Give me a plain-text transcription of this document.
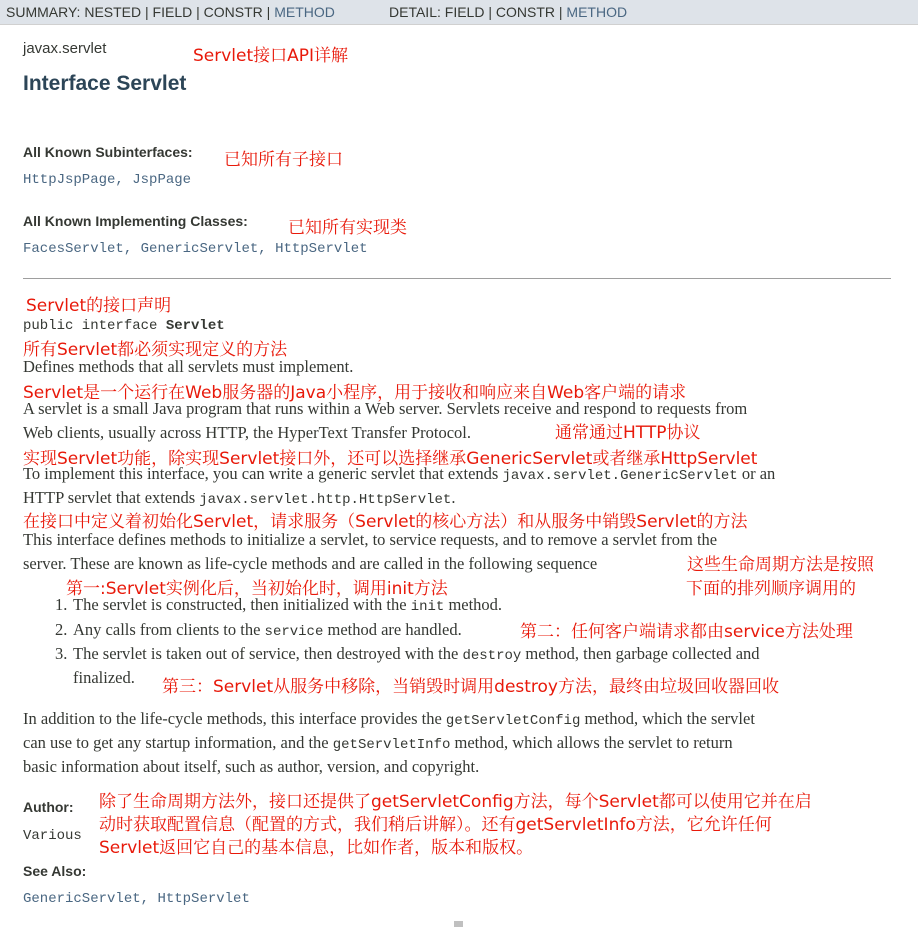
SUMMARY: NESTED | FIELD | CONSTR | METHOD	DETAIL: FIELD | CONSTR | METHOD
javax.servlet
Interface Servlet
All Known Subinterfaces:
HttpJspPage, JspPage
All Known Implementing Classes:
FacesServlet, GenericServlet, HttpServlet
public interface Servlet
Defines methods that all servlets must implement.
A servlet is a small Java program that runs within a Web server. Servlets receive and respond to requests from
Web clients, usually across HTTP, the HyperText Transfer Protocol.
To implement this interface, you can write a generic servlet that extends javax.servlet.GenericServlet or an
HTTP servlet that extends javax.servlet.http.HttpServlet.
This interface defines methods to initialize a servlet, to service requests, and to remove a servlet from the
server. These are known as life-cycle methods and are called in the following sequence
1. The servlet is constructed, then initialized with the init method.
2. Any calls from clients to the service method are handled.
3. The servlet is taken out of service, then destroyed with the destroy method, then garbage collected and
finalized.
In addition to the life-cycle methods, this interface provides the getServletConfig method, which the servlet
can use to get any startup information, and the getServletInfo method, which allows the servlet to return
basic information about itself, such as author, version, and copyright.
Author:
Various
See Also:
GenericServlet, HttpServlet
Servlet接口API详解
已知所有子接口
已知所有实现类
Servlet的接口声明
所有Servlet都必须实现定义的方法
Servlet是一个运行在Web服务器的Java小程序，用于接收和响应来自Web客户端的请求
通常通过HTTP协议
实现Servlet功能，除实现Servlet接口外，还可以选择继承GenericServlet或者继承HttpServlet
在接口中定义着初始化Servlet，请求服务（Servlet的核心方法）和从服务中销毁Servlet的方法
这些生命周期方法是按照
第一:Servlet实例化后，当初始化时，调用init方法	下面的排列顺序调用的
第二：任何客户端请求都由service方法处理
第三：Servlet从服务中移除，当销毁时调用destroy方法，最终由垃圾回收器回收
除了生命周期方法外，接口还提供了getServletConfig方法，每个Servlet都可以使用它并在启
动时获取配置信息（配置的方式，我们稍后讲解）。还有getServletInfo方法，它允许任何
Servlet返回它自己的基本信息，比如作者，版本和版权。
